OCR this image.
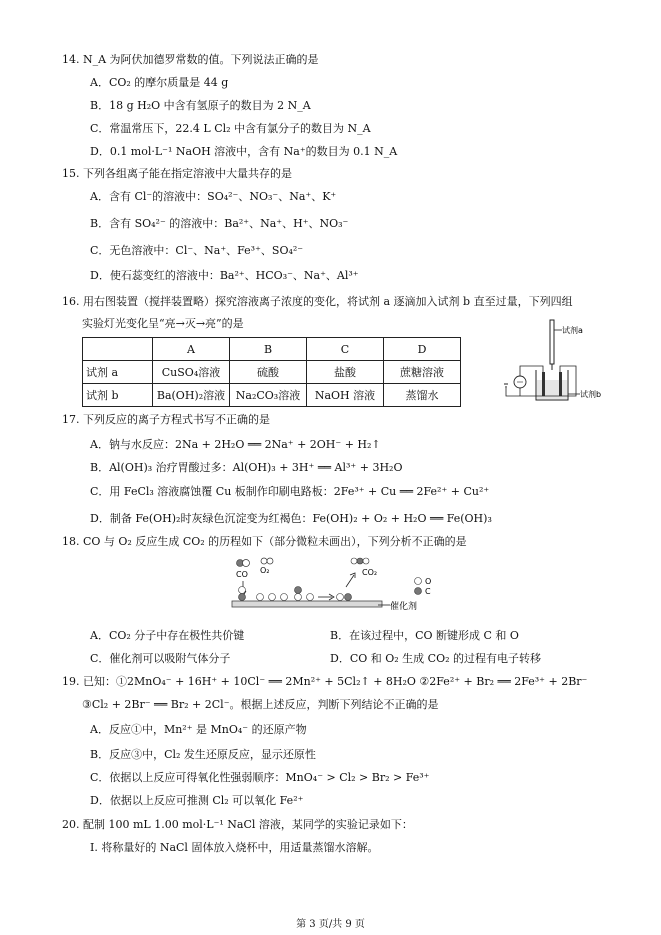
14. N_A 为阿伏加德罗常数的值。下列说法正确的是
A．CO₂ 的摩尔质量是 44 g
B．18 g H₂O 中含有氢原子的数目为 2 N_A
C．常温常压下，22.4 L Cl₂ 中含有氯分子的数目为 N_A
D．0.1 mol·L⁻¹ NaOH 溶液中，含有 Na⁺的数目为 0.1 N_A
15. 下列各组离子能在指定溶液中大量共存的是
A．含有 Cl⁻的溶液中：SO₄²⁻、NO₃⁻、Na⁺、K⁺
B．含有 SO₄²⁻ 的溶液中：Ba²⁺、Na⁺、H⁺、NO₃⁻
C．无色溶液中：Cl⁻、Na⁺、Fe³⁺、SO₄²⁻
D．使石蕊变红的溶液中：Ba²⁺、HCO₃⁻、Na⁺、Al³⁺
16. 用右图装置（搅拌装置略）探究溶液离子浓度的变化，将试剂 a 逐滴加入试剂 b 直至过量，下列四组
实验灯光变化呈“亮→灭→亮”的是
	A	B	C	D
试剂 a	CuSO₄溶液	硫酸	盐酸	蔗糖溶液
试剂 b	Ba(OH)₂溶液	Na₂CO₃溶液	NaOH 溶液	蒸馏水
试剂a
试剂b
17. 下列反应的离子方程式书写不正确的是
A．钠与水反应：2Na + 2H₂O ══ 2Na⁺ + 2OH⁻ + H₂↑
B．Al(OH)₃ 治疗胃酸过多：Al(OH)₃ + 3H⁺ ══ Al³⁺ + 3H₂O
C．用 FeCl₃ 溶液腐蚀覆 Cu 板制作印刷电路板：2Fe³⁺ + Cu ══ 2Fe²⁺ + Cu²⁺
D．制备 Fe(OH)₂时灰绿色沉淀变为红褐色：Fe(OH)₂ + O₂ + H₂O ══ Fe(OH)₃
18. CO 与 O₂ 反应生成 CO₂ 的历程如下（部分微粒未画出），下列分析不正确的是
催化剂
CO O₂	CO₂
O
C
A．CO₂ 分子中存在极性共价键	B．在该过程中，CO 断键形成 C 和 O
C．催化剂可以吸附气体分子	D．CO 和 O₂ 生成 CO₂ 的过程有电子转移
19. 已知：①2MnO₄⁻ + 16H⁺ + 10Cl⁻ ══ 2Mn²⁺ + 5Cl₂↑ + 8H₂O ②2Fe²⁺ + Br₂ ══ 2Fe³⁺ + 2Br⁻
③Cl₂ + 2Br⁻ ══ Br₂ + 2Cl⁻。根据上述反应，判断下列结论不正确的是
A．反应①中，Mn²⁺ 是 MnO₄⁻ 的还原产物
B．反应③中，Cl₂ 发生还原反应，显示还原性
C．依据以上反应可得氧化性强弱顺序：MnO₄⁻ > Cl₂ > Br₂ > Fe³⁺
D．依据以上反应可推测 Cl₂ 可以氧化 Fe²⁺
20. 配制 100 mL 1.00 mol·L⁻¹ NaCl 溶液，某同学的实验记录如下：
I. 将称量好的 NaCl 固体放入烧杯中，用适量蒸馏水溶解。
第 3 页/共 9 页
